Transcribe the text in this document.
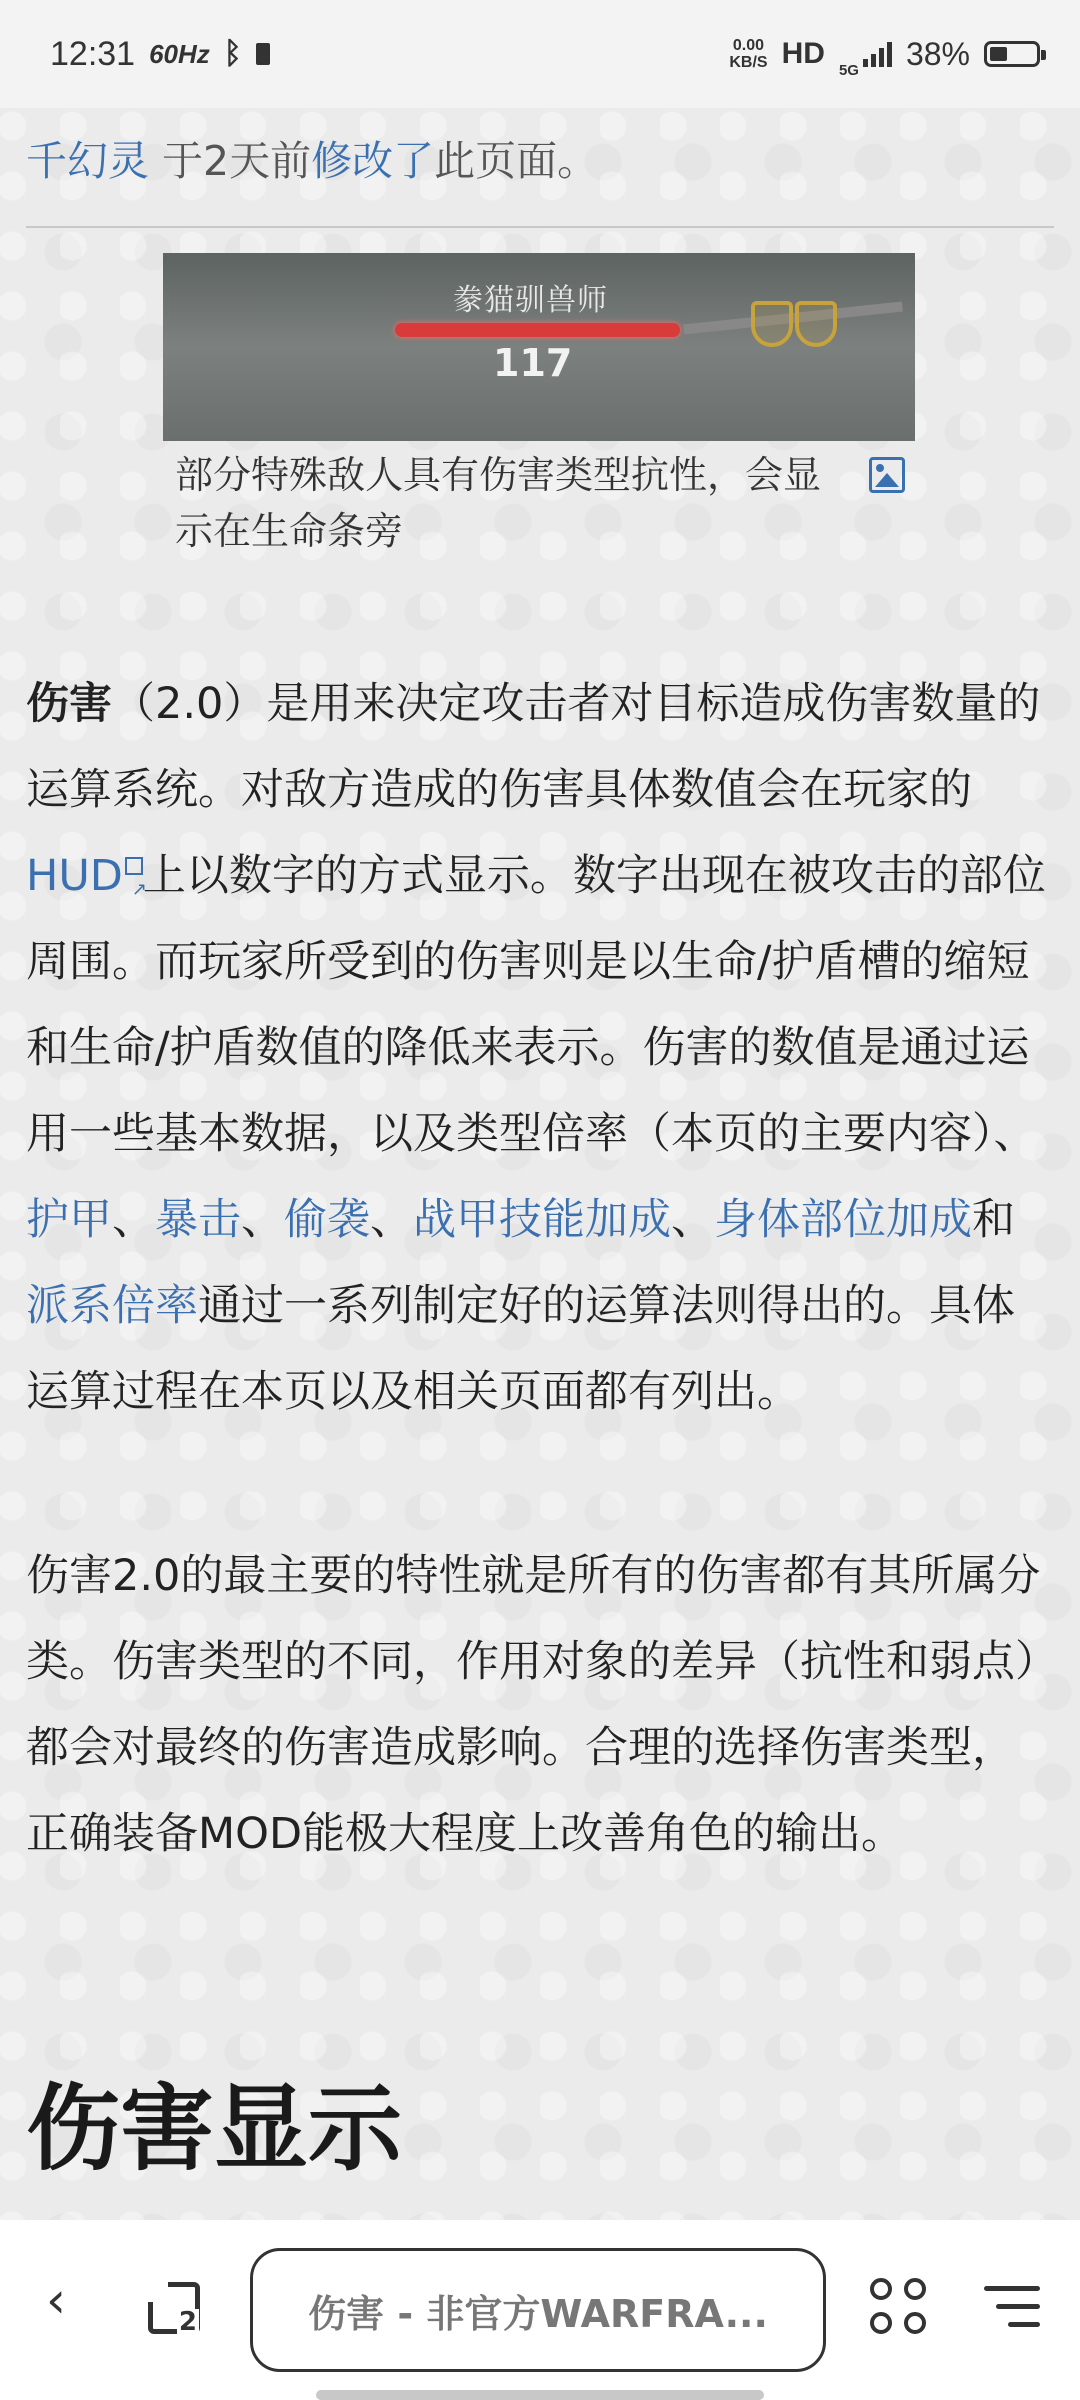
12:31 60Hz ᛒ	0.00
KB/S HD 5G 38%
千幻灵 于2天前修改了此页面。
豢猫驯兽师
117
部分特殊敌人具有伤害类型抗性，会显示在生命条旁

伤害（2.0）是用来决定攻击者对目标造成伤害数量的运算系统。对敌方造成的伤害具体数值会在玩家的HUD↗ 上以数字的方式显示。数字出现在被攻击的部位周围。而玩家所受到的伤害则是以生命/护盾槽的缩短和生命/护盾数值的降低来表示。伤害的数值是通过运用一些基本数据，以及类型倍率（本页的主要内容）、护甲、暴击、偷袭、战甲技能加成、身体部位加成和派系倍率通过一系列制定好的运算法则得出的。具体运算过程在本页以及相关页面都有列出。

伤害2.0的最主要的特性就是所有的伤害都有其所属分类。伤害类型的不同，作用对象的差异（抗性和弱点）都会对最终的伤害造成影响。合理的选择伤害类型，正确装备MOD能极大程度上改善角色的输出。

伤害显示
‹	2	伤害 - 非官方WARFRA...
